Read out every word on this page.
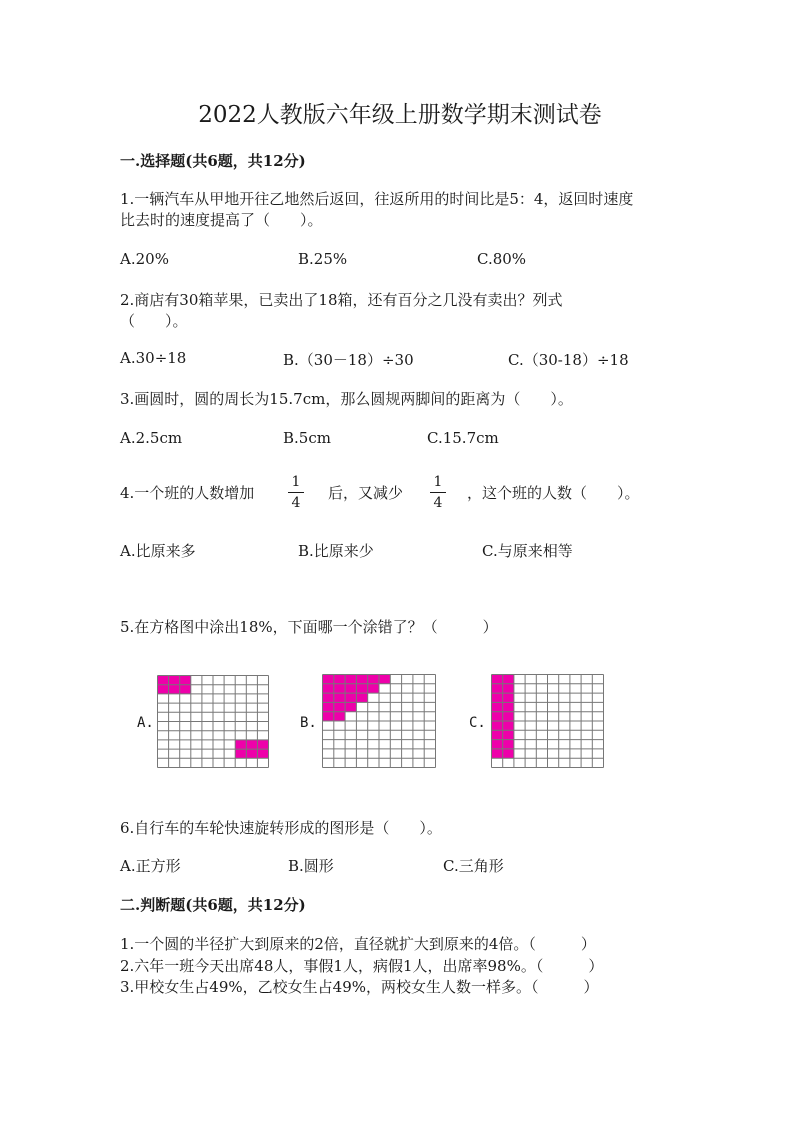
2022人教版六年级上册数学期末测试卷
一.选择题(共6题，共12分)
1.一辆汽车从甲地开往乙地然后返回，往返所用的时间比是5：4，返回时速度
比去时的速度提高了（　　）。
A.20%	B.25%	C.80%
2.商店有30箱苹果，已卖出了18箱，还有百分之几没有卖出？列式
（　　）。
A.30÷18	B.（30－18）÷30	C.（30-18）÷18
3.画圆时，圆的周长为15.7cm，那么圆规两脚间的距离为（　　）。
A.2.5cm	B.5cm	C.15.7cm
4.一个班的人数增加
1
4
后，又减少
1
4
，这个班的人数（　　）。
A.比原来多	B.比原来少	C.与原来相等
5.在方格图中涂出18%，下面哪一个涂错了？（　　　）
A.	B.	C.
6.自行车的车轮快速旋转形成的图形是（　　）。
A.正方形	B.圆形	C.三角形
二.判断题(共6题，共12分)
1.一个圆的半径扩大到原来的2倍，直径就扩大到原来的4倍。（　　　）
2.六年一班今天出席48人，事假1人，病假1人，出席率98%。（　　　）
3.甲校女生占49%，乙校女生占49%，两校女生人数一样多。（　　　）
